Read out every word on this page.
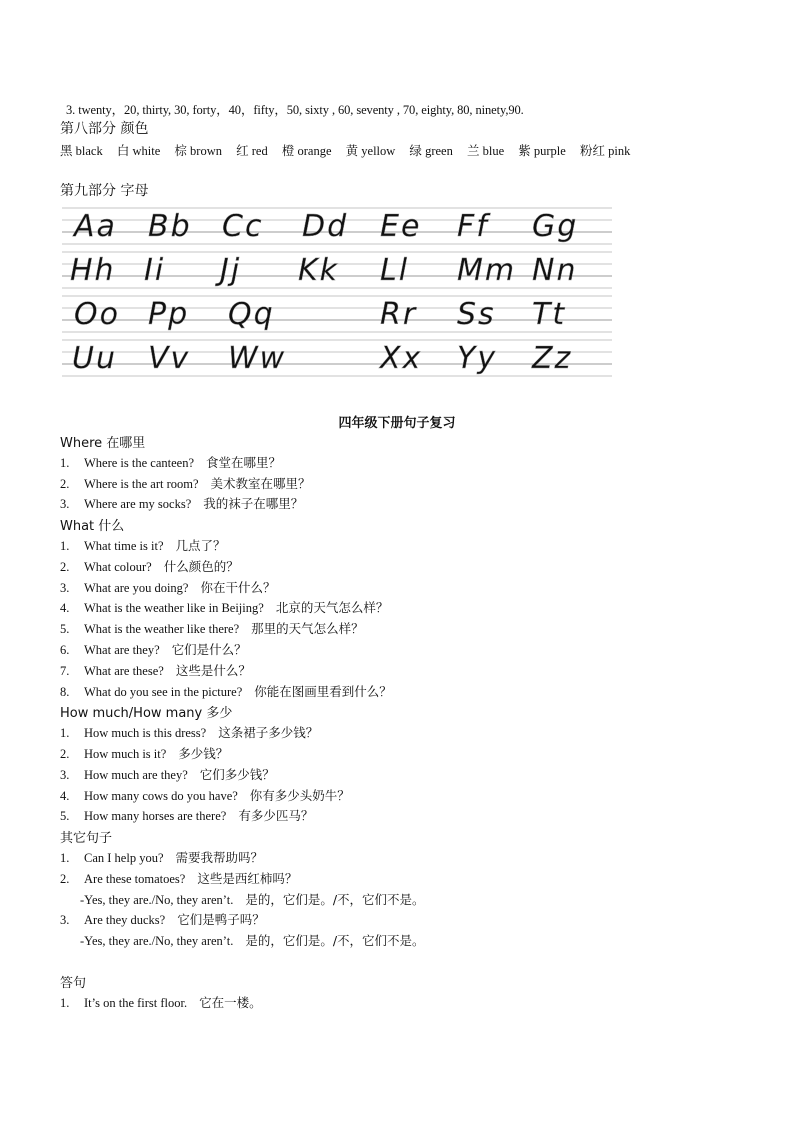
3. twenty，20, thirty, 30, forty，40，fifty，50, sixty , 60, seventy , 70, eighty, 80, ninety,90.
第八部分 颜色
黑 black 白 white 棕 brown 红 red 橙 orange 黄 yellow 绿 green 兰 blue 紫 purple 粉红 pink
第九部分 字母
Aa Bb Cc Dd Ee Ff Gg
Hh Ii Jj Kk Ll Mm Nn
Oo Pp Qq	Rr Ss Tt
Uu Vv Ww	Xx Yy Zz
四年级下册句子复习
Where 在哪里
1. Where is the canteen? 食堂在哪里？
2. Where is the art room? 美术教室在哪里？
3. Where are my socks? 我的袜子在哪里？
What 什么
1. What time is it? 几点了？
2. What colour? 什么颜色的？
3. What are you doing? 你在干什么？
4. What is the weather like in Beijing? 北京的天气怎么样？
5. What is the weather like there? 那里的天气怎么样？
6. What are they? 它们是什么？
7. What are these? 这些是什么？
8. What do you see in the picture? 你能在图画里看到什么？
How much/How many 多少
1. How much is this dress? 这条裙子多少钱？
2. How much is it? 多少钱？
3. How much are they? 它们多少钱？
4. How many cows do you have? 你有多少头奶牛？
5. How many horses are there? 有多少匹马？
其它句子
1. Can I help you? 需要我帮助吗？
2. Are these tomatoes? 这些是西红柿吗？
-Yes, they are./No, they aren’t. 是的，它们是。/不，它们不是。
3. Are they ducks? 它们是鸭子吗？
-Yes, they are./No, they aren’t. 是的，它们是。/不，它们不是。
答句
1. It’s on the first floor. 它在一楼。
